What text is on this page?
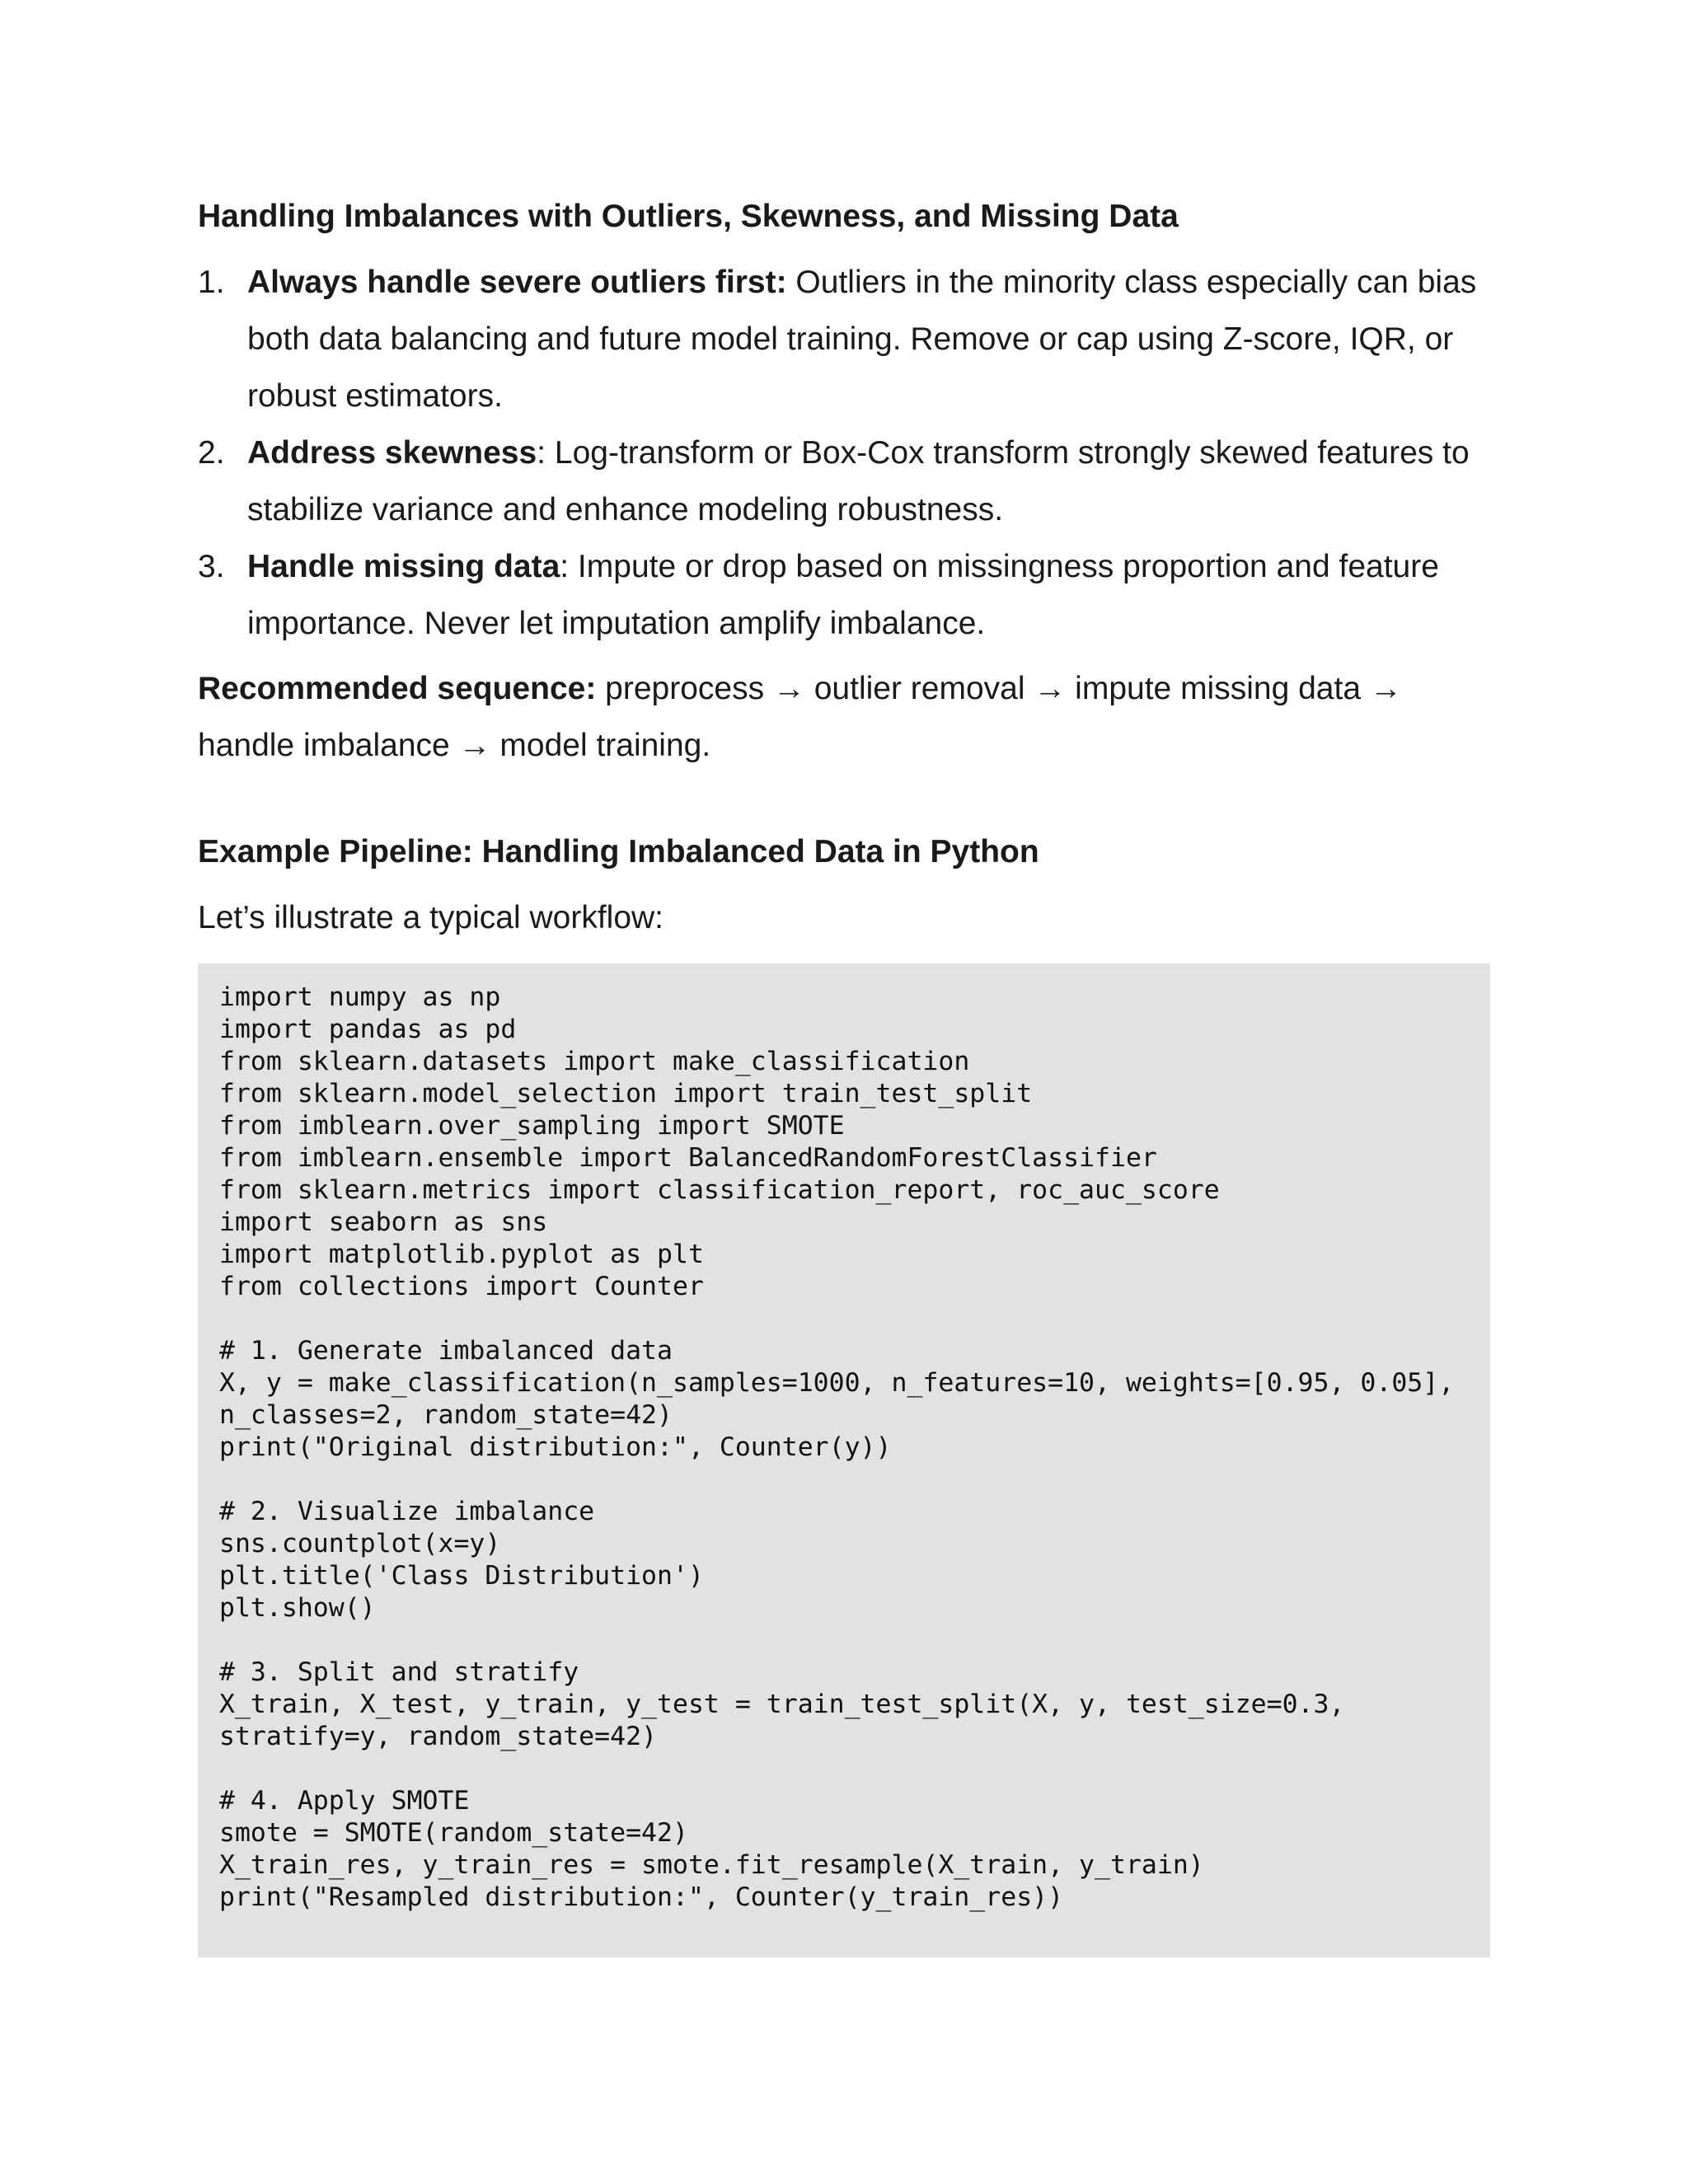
Handling Imbalances with Outliers, Skewness, and Missing Data
1. Always handle severe outliers first: Outliers in the minority class especially can bias both data balancing and future model training. Remove or cap using Z-score, IQR, or robust estimators.
2. Address skewness: Log-transform or Box-Cox transform strongly skewed features to stabilize variance and enhance modeling robustness.
3. Handle missing data: Impute or drop based on missingness proportion and feature importance. Never let imputation amplify imbalance.

Recommended sequence: preprocess → outlier removal → impute missing data → handle imbalance → model training.

Example Pipeline: Handling Imbalanced Data in Python

Let’s illustrate a typical workflow:

import numpy as np
import pandas as pd
from sklearn.datasets import make_classification
from sklearn.model_selection import train_test_split
from imblearn.over_sampling import SMOTE
from imblearn.ensemble import BalancedRandomForestClassifier
from sklearn.metrics import classification_report, roc_auc_score
import seaborn as sns
import matplotlib.pyplot as plt
from collections import Counter
# 1. Generate imbalanced data
X, y = make_classification(n_samples=1000, n_features=10, weights=[0.95, 0.05],
n_classes=2, random_state=42)
print("Original distribution:", Counter(y))
# 2. Visualize imbalance
sns.countplot(x=y)
plt.title('Class Distribution')
plt.show()
# 3. Split and stratify
X_train, X_test, y_train, y_test = train_test_split(X, y, test_size=0.3,
stratify=y, random_state=42)
# 4. Apply SMOTE
smote = SMOTE(random_state=42)
X_train_res, y_train_res = smote.fit_resample(X_train, y_train)
print("Resampled distribution:", Counter(y_train_res))
